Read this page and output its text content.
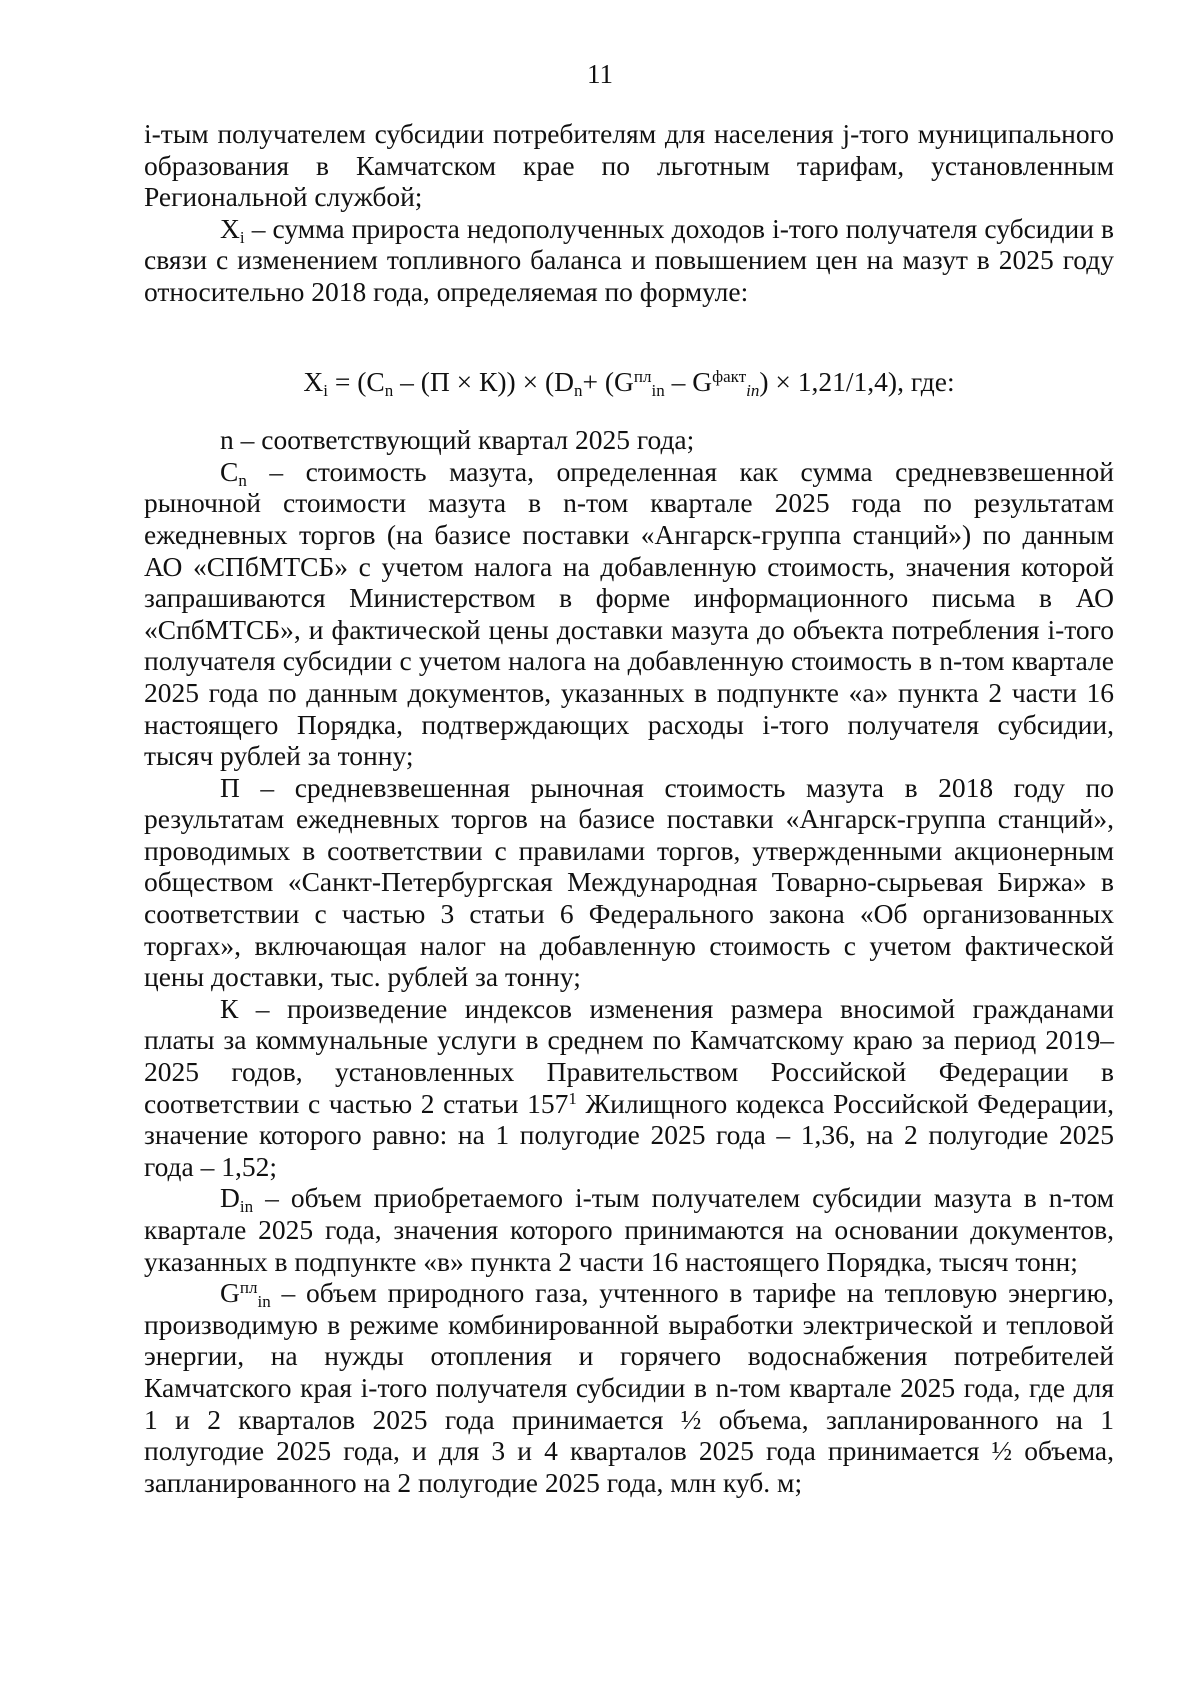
11

i-тым получателем субсидии потребителям для населения j-того муниципального образования в Камчатском крае по льготным тарифам, установленным Региональной службой;

$X_i$ – сумма прироста недополученных доходов i-того получателя субсидии в связи с изменением топливного баланса и повышением цен на мазут в 2025 году относительно 2018 года, определяемая по формуле:

$X_i = (C_n - (П \times К)) \times (D_n+ (G^{пл}_{in} - G^{факт}_{in}) \times 1,21/1,4)$, где:

n – соответствующий квартал 2025 года;

$C_n$ – стоимость мазута, определенная как сумма средневзвешенной рыночной стоимости мазута в n-том квартале 2025 года по результатам ежедневных торгов (на базисе поставки «Ангарск-группа станций») по данным АО «СПбМТСБ» с учетом налога на добавленную стоимость, значения которой запрашиваются Министерством в форме информационного письма в АО «СпбМТСБ», и фактической цены доставки мазута до объекта потребления i-того получателя субсидии с учетом налога на добавленную стоимость в n-том квартале 2025 года по данным документов, указанных в подпункте «а» пункта 2 части 16 настоящего Порядка, подтверждающих расходы i-того получателя субсидии, тысяч рублей за тонну;

П – средневзвешенная рыночная стоимость мазута в 2018 году по результатам ежедневных торгов на базисе поставки «Ангарск-группа станций», проводимых в соответствии с правилами торгов, утвержденными акционерным обществом «Санкт-Петербургская Международная Товарно-сырьевая Биржа» в соответствии с частью 3 статьи 6 Федерального закона «Об организованных торгах», включающая налог на добавленную стоимость с учетом фактической цены доставки, тыс. рублей за тонну;

К – произведение индексов изменения размера вносимой гражданами платы за коммунальные услуги в среднем по Камчатскому краю за период 2019–2025 годов, установленных Правительством Российской Федерации в соответствии с частью 2 статьи $157^1$ Жилищного кодекса Российской Федерации, значение которого равно: на 1 полугодие 2025 года – 1,36, на 2 полугодие 2025 года – 1,52;

$D_{in}$ – объем приобретаемого i-тым получателем субсидии мазута в n-том квартале 2025 года, значения которого принимаются на основании документов, указанных в подпункте «в» пункта 2 части 16 настоящего Порядка, тысяч тонн;

$G^{пл}_{in}$ – объем природного газа, учтенного в тарифе на тепловую энергию, производимую в режиме комбинированной выработки электрической и тепловой энергии, на нужды отопления и горячего водоснабжения потребителей Камчатского края i-того получателя субсидии в n-том квартале 2025 года, где для 1 и 2 кварталов 2025 года принимается ½ объема, запланированного на 1 полугодие 2025 года, и для 3 и 4 кварталов 2025 года принимается ½ объема, запланированного на 2 полугодие 2025 года, млн куб. м;
